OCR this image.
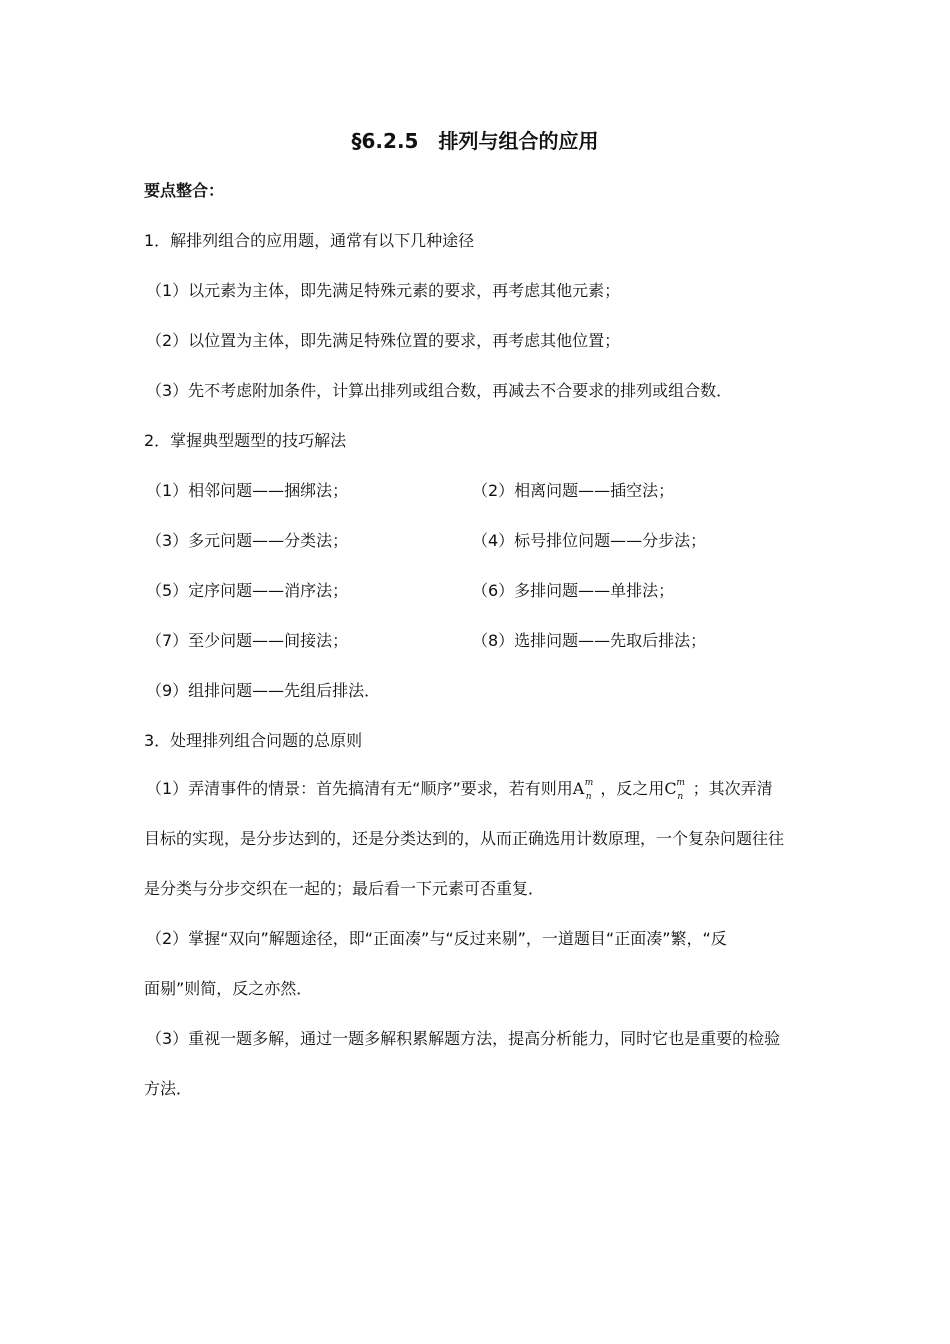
§6.2.5　排列与组合的应用
要点整合：
1．解排列组合的应用题，通常有以下几种途径
（1）以元素为主体，即先满足特殊元素的要求，再考虑其他元素；
（2）以位置为主体，即先满足特殊位置的要求，再考虑其他位置；
（3）先不考虑附加条件，计算出排列或组合数，再减去不合要求的排列或组合数．
2．掌握典型题型的技巧解法
（1）相邻问题——捆绑法；	（2）相离问题——插空法；
（3）多元问题——分类法；	（4）标号排位问题——分步法；
（5）定序问题——消序法；	（6）多排问题——单排法；
（7）至少问题——间接法；	（8）选排问题——先取后排法；
（9）组排问题——先组后排法．
3．处理排列组合问题的总原则
（1）弄清事件的情景：首先搞清有无“顺序”要求，若有则用A m
n ，反之用C m
n ；其次弄清
目标的实现，是分步达到的，还是分类达到的，从而正确选用计数原理，一个复杂问题往往
是分类与分步交织在一起的；最后看一下元素可否重复．
（2）掌握“双向”解题途径，即“正面凑”与“反过来剔”，一道题目“正面凑”繁，“反
面剔”则简，反之亦然．
（3）重视一题多解，通过一题多解积累解题方法，提高分析能力，同时它也是重要的检验
方法．
